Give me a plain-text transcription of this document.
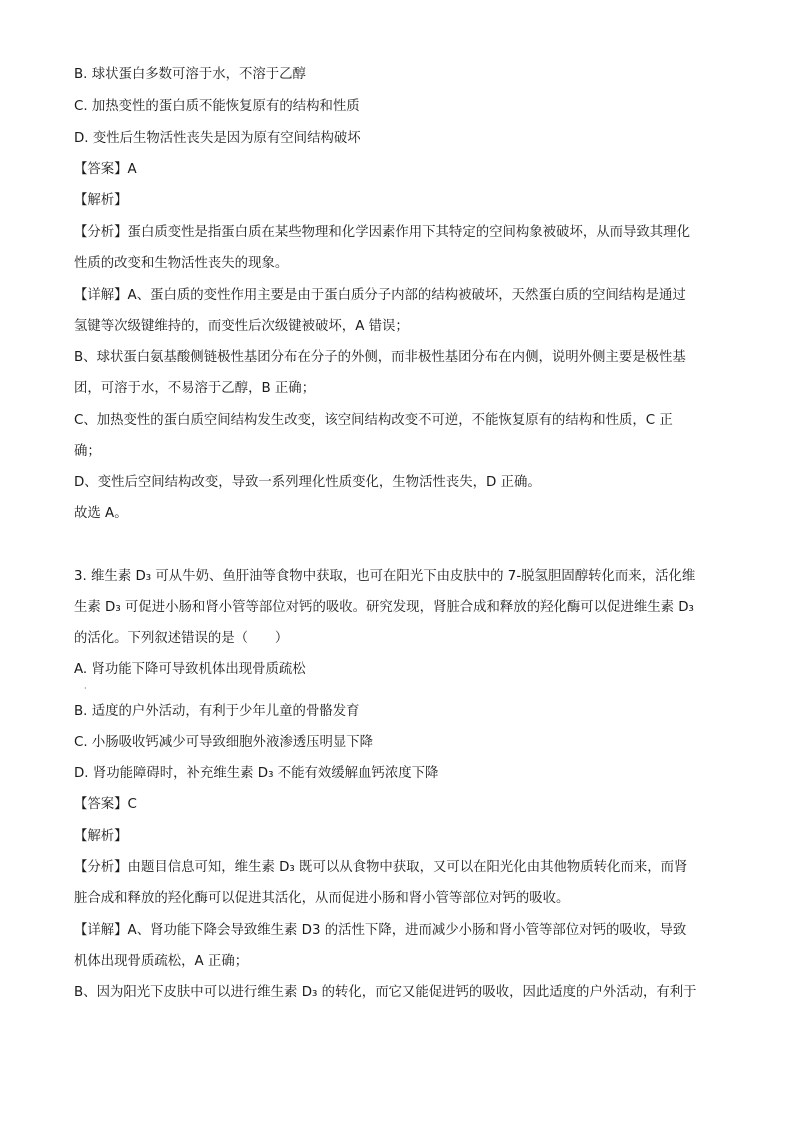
B. 球状蛋白多数可溶于水，不溶于乙醇
C. 加热变性的蛋白质不能恢复原有的结构和性质
D. 变性后生物活性丧失是因为原有空间结构破坏
【答案】A
【解析】
【分析】蛋白质变性是指蛋白质在某些物理和化学因素作用下其特定的空间构象被破坏，从而导致其理化
性质的改变和生物活性丧失的现象。
【详解】A、蛋白质的变性作用主要是由于蛋白质分子内部的结构被破坏，天然蛋白质的空间结构是通过
氢键等次级键维持的，而变性后次级键被破坏，A 错误；
B、球状蛋白氨基酸侧链极性基团分布在分子的外侧，而非极性基团分布在内侧，说明外侧主要是极性基
团，可溶于水，不易溶于乙醇，B 正确；
C、加热变性的蛋白质空间结构发生改变，该空间结构改变不可逆，不能恢复原有的结构和性质，C 正
确；
D、变性后空间结构改变，导致一系列理化性质变化，生物活性丧失，D 正确。
故选 A。
3. 维生素 D₃ 可从牛奶、鱼肝油等食物中获取，也可在阳光下由皮肤中的 7-脱氢胆固醇转化而来，活化维
生素 D₃ 可促进小肠和肾小管等部位对钙的吸收。研究发现，肾脏合成和释放的羟化酶可以促进维生素 D₃
的活化。下列叙述错误的是（　　）
A. 肾功能下降可导致机体出现骨质疏松
·
B. 适度的户外活动，有利于少年儿童的骨骼发育
C. 小肠吸收钙减少可导致细胞外液渗透压明显下降
D. 肾功能障碍时，补充维生素 D₃ 不能有效缓解血钙浓度下降
【答案】C
【解析】
【分析】由题目信息可知，维生素 D₃ 既可以从食物中获取，又可以在阳光化由其他物质转化而来，而肾
脏合成和释放的羟化酶可以促进其活化，从而促进小肠和肾小管等部位对钙的吸收。
【详解】A、肾功能下降会导致维生素 D3 的活性下降，进而减少小肠和肾小管等部位对钙的吸收，导致
机体出现骨质疏松，A 正确；
B、因为阳光下皮肤中可以进行维生素 D₃ 的转化，而它又能促进钙的吸收，因此适度的户外活动，有利于
